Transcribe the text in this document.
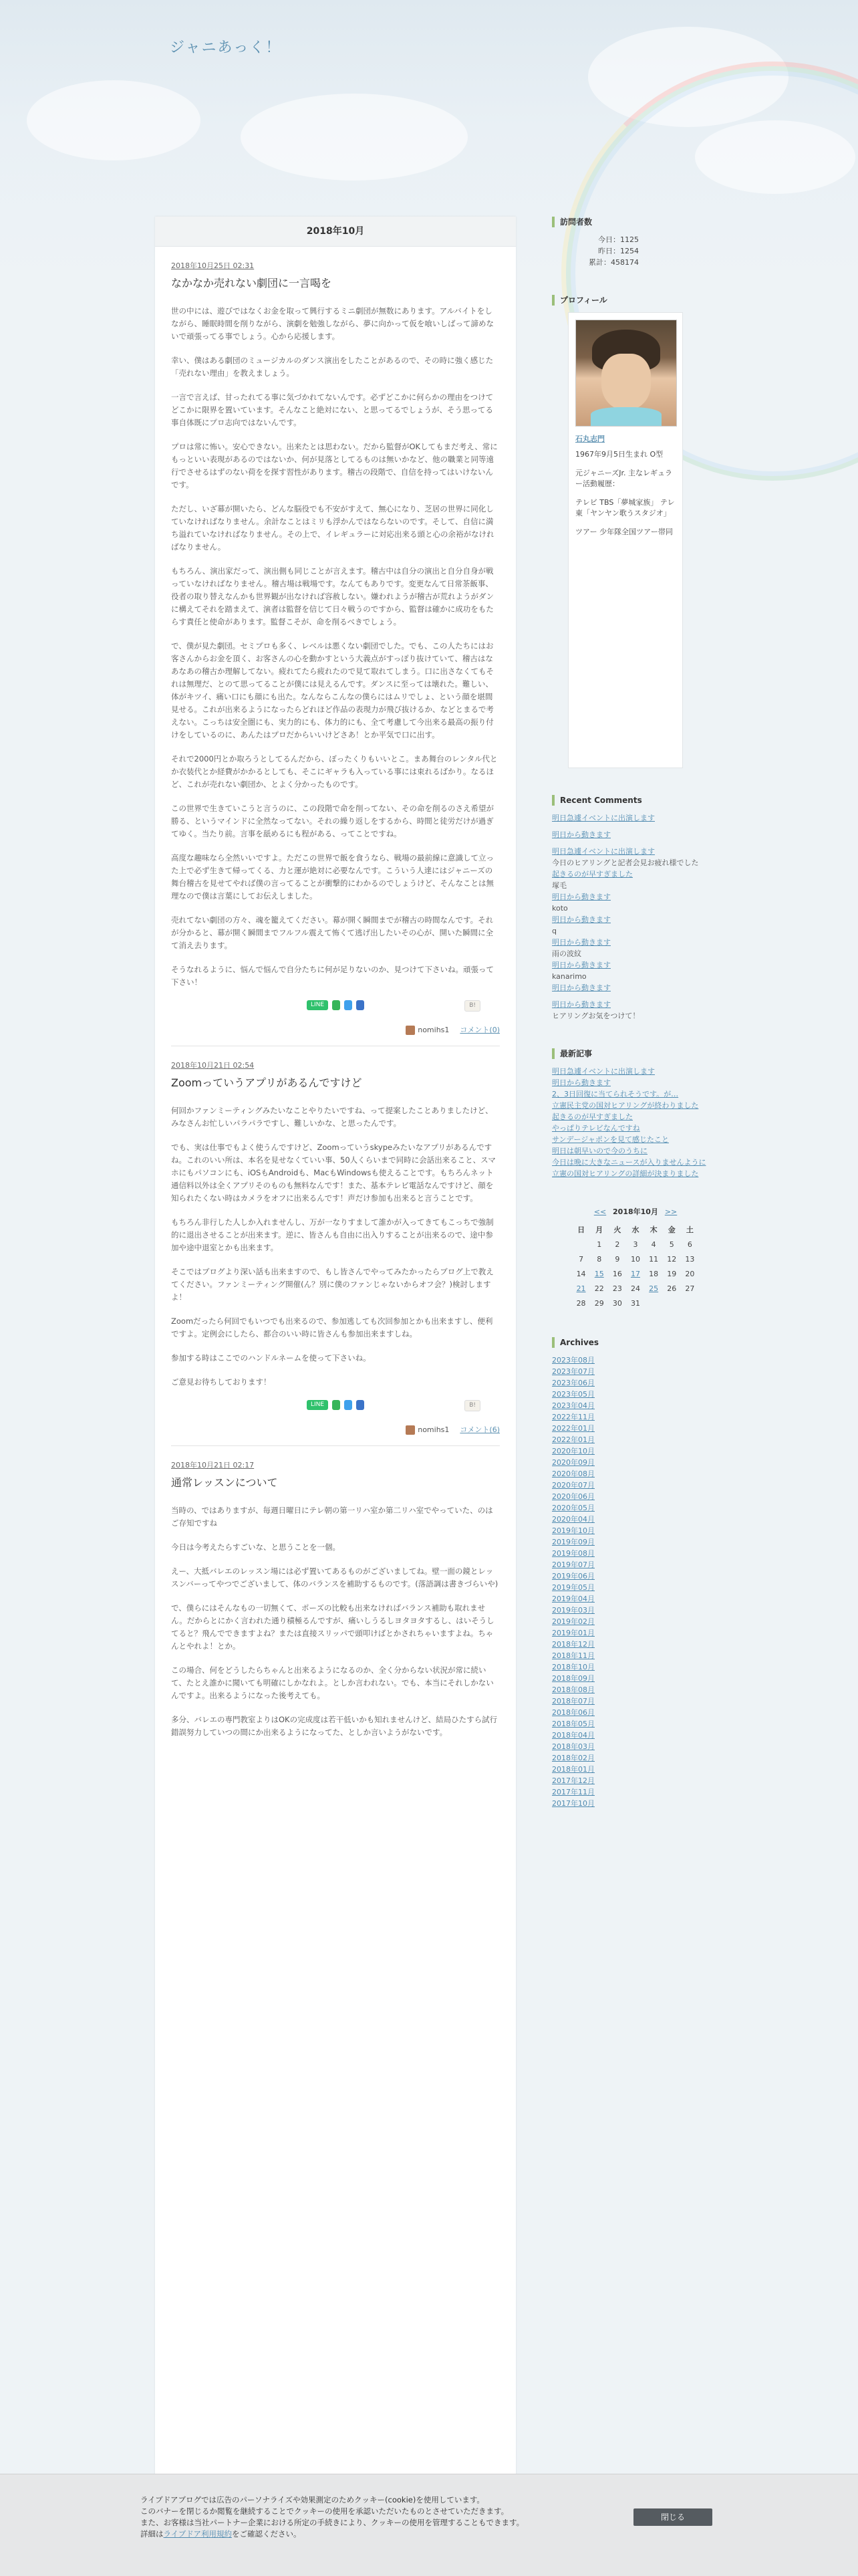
ジャニあっく！
2018年10月
2018年10月25日 02:31
なかなか売れない劇団に一言喝を

世の中には、遊びではなくお金を取って興行するミニ劇団が無数にあります。アルバイトをしながら、睡眠時間を削りながら、演劇を勉強しながら、夢に向かって仮を喰いしばって諦めないで頑張ってる事でしょう。心から応援します。

幸い、僕はある劇団のミュージカルのダンス演出をしたことがあるので、その時に強く感じた「売れない理由」を教えましょう。

一言で言えば、甘ったれてる事に気づかれてないんです。必ずどこかに何らかの理由をつけてどこかに限界を置いています。そんなこと絶対にない、と思ってるでしょうが、そう思ってる事自体既にプロ志向ではないんです。

プロは常に怖い。安心できない。出来たとは思わない。だから監督がOKしてもまだ考え、常にもっといい表現があるのではないか、何が見落としてるものは無いかなど、他の職業と同等遠行でさせるはずのない荷をを探す習性があります。稽古の段階で、自信を持ってはいけないんです。

ただし、いざ幕が開いたら、どんな脳役でも不安がすえて、無心になり、芝居の世界に同化していなければなりません。余計なことはミリも浮かんではならないのです。そして、自信に満ち溢れていなければなりません。その上で、イレギュラーに対応出来る頭と心の余裕がなければなりません。

もちろん、演出家だって、演出側も同じことが言えます。稽古中は自分の演出と自分自身が戦っていなければなりません。稽古場は戦場です。なんてもありです。変更なんて日常茶飯事、役者の取り替えなんかも世界観が出なければ容赦しない。嫌われようが稽古が荒れようがダンに構えてそれを踏まえて、演者は監督を信じて日々戦うのですから、監督は確かに成功をもたらす責任と使命があります。監督こそが、命を削るべきでしょう。

で、僕が見た劇団。セミプロも多く、レベルは悪くない劇団でした。でも、この人たちにはお客さんからお金を頂く、お客さんの心を動かすという大義点がすっぽり抜けていて、稽古はなあなあの稽古か理解してない。疲れてたら疲れたので見て取れてしまう。口に出さなくてもそれは無理だ、とのて思ってることが僕には見えるんです。ダンスに至っては壊れた。難しい、体がキツイ、痛い口にも顔にも出た。なんならこんなの僕らにはムリでしょ、という顔を堪間見せる。これが出来るようになったらどれほど作品の表現力が飛び抜けるか、などとまるで考えない。こっちは安全圏にも、実力的にも、体力的にも、全て考慮して今出来る最高の振り付けをしているのに、あんたはプロだからいいけどさあ！とか平気で口に出す。

それで2000円とか取ろうとしてるんだから、ぼったくりもいいとこ。まあ舞台のレンタル代とか衣装代とか経費がかかるとしても、そこにギャラも入っている事には束れるばかり。なるほど、これが売れない劇団か、とよく分かったものです。

この世界で生きていこうと言うのに、この段階で命を削ってない、その命を削るのさえ希望が勝る、というマインドに全然なってない。それの繰り返しをするから、時間と徒労だけが過ぎてゆく。当たり前。言事を舐めるにも程がある、ってことですね。

高度な趣味なら全然いいですよ。ただこの世界で飯を食うなら、戦場の最前線に意識して立った上で必ず生きて帰ってくる、力と運が絶対に必要なんです。こういう人達にはジャニーズの舞台稽古を見せてやれば僕の言ってることが衝撃的にわかるのでしょうけど、そんなことは無理なので僕は言葉にしてお伝えしました。

売れてない劇団の方々、魂を籠えてください。幕が開く瞬間までが稽古の時間なんです。それが分かると、幕が開く瞬間までフルフル震えて怖くて逃げ出したいその心が、開いた瞬間に全て消え去ります。

そうなれるように、悩んで悩んで自分たちに何が足りないのか、見つけて下さいね。頑張って下さい！

LINE	B!
nomihs1 コメント(0)
2018年10月21日 02:54
Zoomっていうアプリがあるんですけど

何回かファンミーティングみたいなことやりたいですね、って提案したことありましたけど、みなさんお忙しいパラパラですし、難しいかな、と思ったんです。

でも、実は仕事でもよく使うんですけど、Zoomっていうskypeみたいなアプリがあるんですね。これのいい所は、本名を見せなくていい事、50人くらいまで同時に会話出来ること、スマホにもパソコンにも、iOSもAndroidも、MacもWindowsも使えることです。もちろんネット通信料以外は全くアプリそのものも無料なんです！また、基本テレビ電話なんですけど、顔を知られたくない時はカメラをオフに出来るんです！声だけ参加も出来ると言うことです。

もちろん非行した人しか入れませんし、万が一なりすまして誰かが入ってきてもこっちで強制的に退出させることが出来ます。逆に、皆さんも自由に出入りすることが出来るので、途中参加や途中退室とかも出来ます。

そこではブログより深い話も出来ますので、もし皆さんでやってみたかったらブログ上で教えてください。ファンミーティング開催(ん？別に僕のファンじゃないからオフ会？)検討しますよ！

Zoomだったら何回でもいつでも出来るので、参加逃しても次回参加とかも出来ますし、便利ですよ。定例会にしたら、都合のいい時に皆さんも参加出来ますしね。

参加する時はここでのハンドルネームを使って下さいね。

ご意見お待ちしております！

LINE	B!
nomihs1 コメント(6)
2018年10月21日 02:17
通常レッスンについて

当時の、ではありますが、毎週日曜日にテレ朝の第一リハ室か第二リハ室でやっていた、のはご存知ですね

今日は今考えたらすごいな、と思うことを一個。

えー、大抵バレエのレッスン場には必ず置いてあるものがございましてね。壁一面の鏡とレッスンバーってやつでございまして、体のバランスを補助するものです。(落語調は書きづらいや)

で、僕らにはそんなもの一切無くて、ポーズの比較も出来なければバランス補助も取れません。だからとにかく言われた通り積極るんですが、痛いしうるしヨタヨタするし、はいそうしてると？飛んでできますよね？または直接スリッパで頭叩けばとかされちゃいますよね。ちゃんとやれよ！とか。

この場合、何をどうしたらちゃんと出来るようになるのか、全く分からない状況が常に続いて、たとえ誰かに聞いても明確にしかなれよ。としか言われない。でも、本当にそれしかないんですよ。出来るようになった後考えても。

多分、バレエの専門教室よりはOKの完成度は若干低いかも知れませんけど、結局ひたすら試行錯誤努力していつの間にか出来るようになってた、としか言いようがないです。

訪問者数
今日：1125
昨日：1254
累計：458174
プロフィール
石丸志門
1967年9月5日生まれ O型
元ジャニーズJr. 主なレギュラー活動履歴：
テレビ TBS「夢城家族」 テレ東「ヤンヤン歌うスタジオ」
ツアー 少年隊全国ツアー帯同
Recent Comments
明日急遽イベントに出演します
明日から動きます
明日急遽イベントに出演します
今日のヒアリングと記者会見お疲れ様でした
起きるのが早すぎました
塚毛
明日から動きます
koto
明日から動きます
q
明日から動きます
雨の波紋
明日から動きます
kanarimo
明日から動きます
明日から動きます
ヒアリングお気をつけて！
最新記事
明日急遽イベントに出演します
明日から動きます
2、3日回復に当てられそうです。が…
立憲民主党の国対ヒアリングが終わりました
起きるのが早すぎました
やっぱりテレビなんですね
サンデージャポンを見て感じたこと
明日は朝早いので今のうちに
今日は晩に大きなニュースが入りませんように
立憲の国対ヒアリングの詳細が決まりました
<< 2018年10月 >>
日	月	火	水	木	金	土
	1	2	3	4	5	6
7	8	9	10	11	12	13
14	15	16	17	18	19	20
21	22	23	24	25	26	27
28	29	30	31			
Archives
2023年08月
2023年07月
2023年06月
2023年05月
2023年04月
2022年11月
2022年01月
2022年01月
2020年10月
2020年09月
2020年08月
2020年07月
2020年06月
2020年05月
2020年04月
2019年10月
2019年09月
2019年08月
2019年07月
2019年06月
2019年05月
2019年04月
2019年03月
2019年02月
2019年01月
2018年12月
2018年11月
2018年10月
2018年09月
2018年08月
2018年07月
2018年06月
2018年05月
2018年04月
2018年03月
2018年02月
2018年01月
2017年12月
2017年11月
2017年10月
ライブドアブログでは広告のパーソナライズや効果測定のためクッキー(cookie)を使用しています。
このバナーを閉じるか閲覧を継続することでクッキーの使用を承認いただいたものとさせていただきます。
また、お客様は当社パートナー企業における所定の手続きにより、クッキーの使用を管理することもできます。
詳細はライブドア利用規約をご確認ください。
閉じる
